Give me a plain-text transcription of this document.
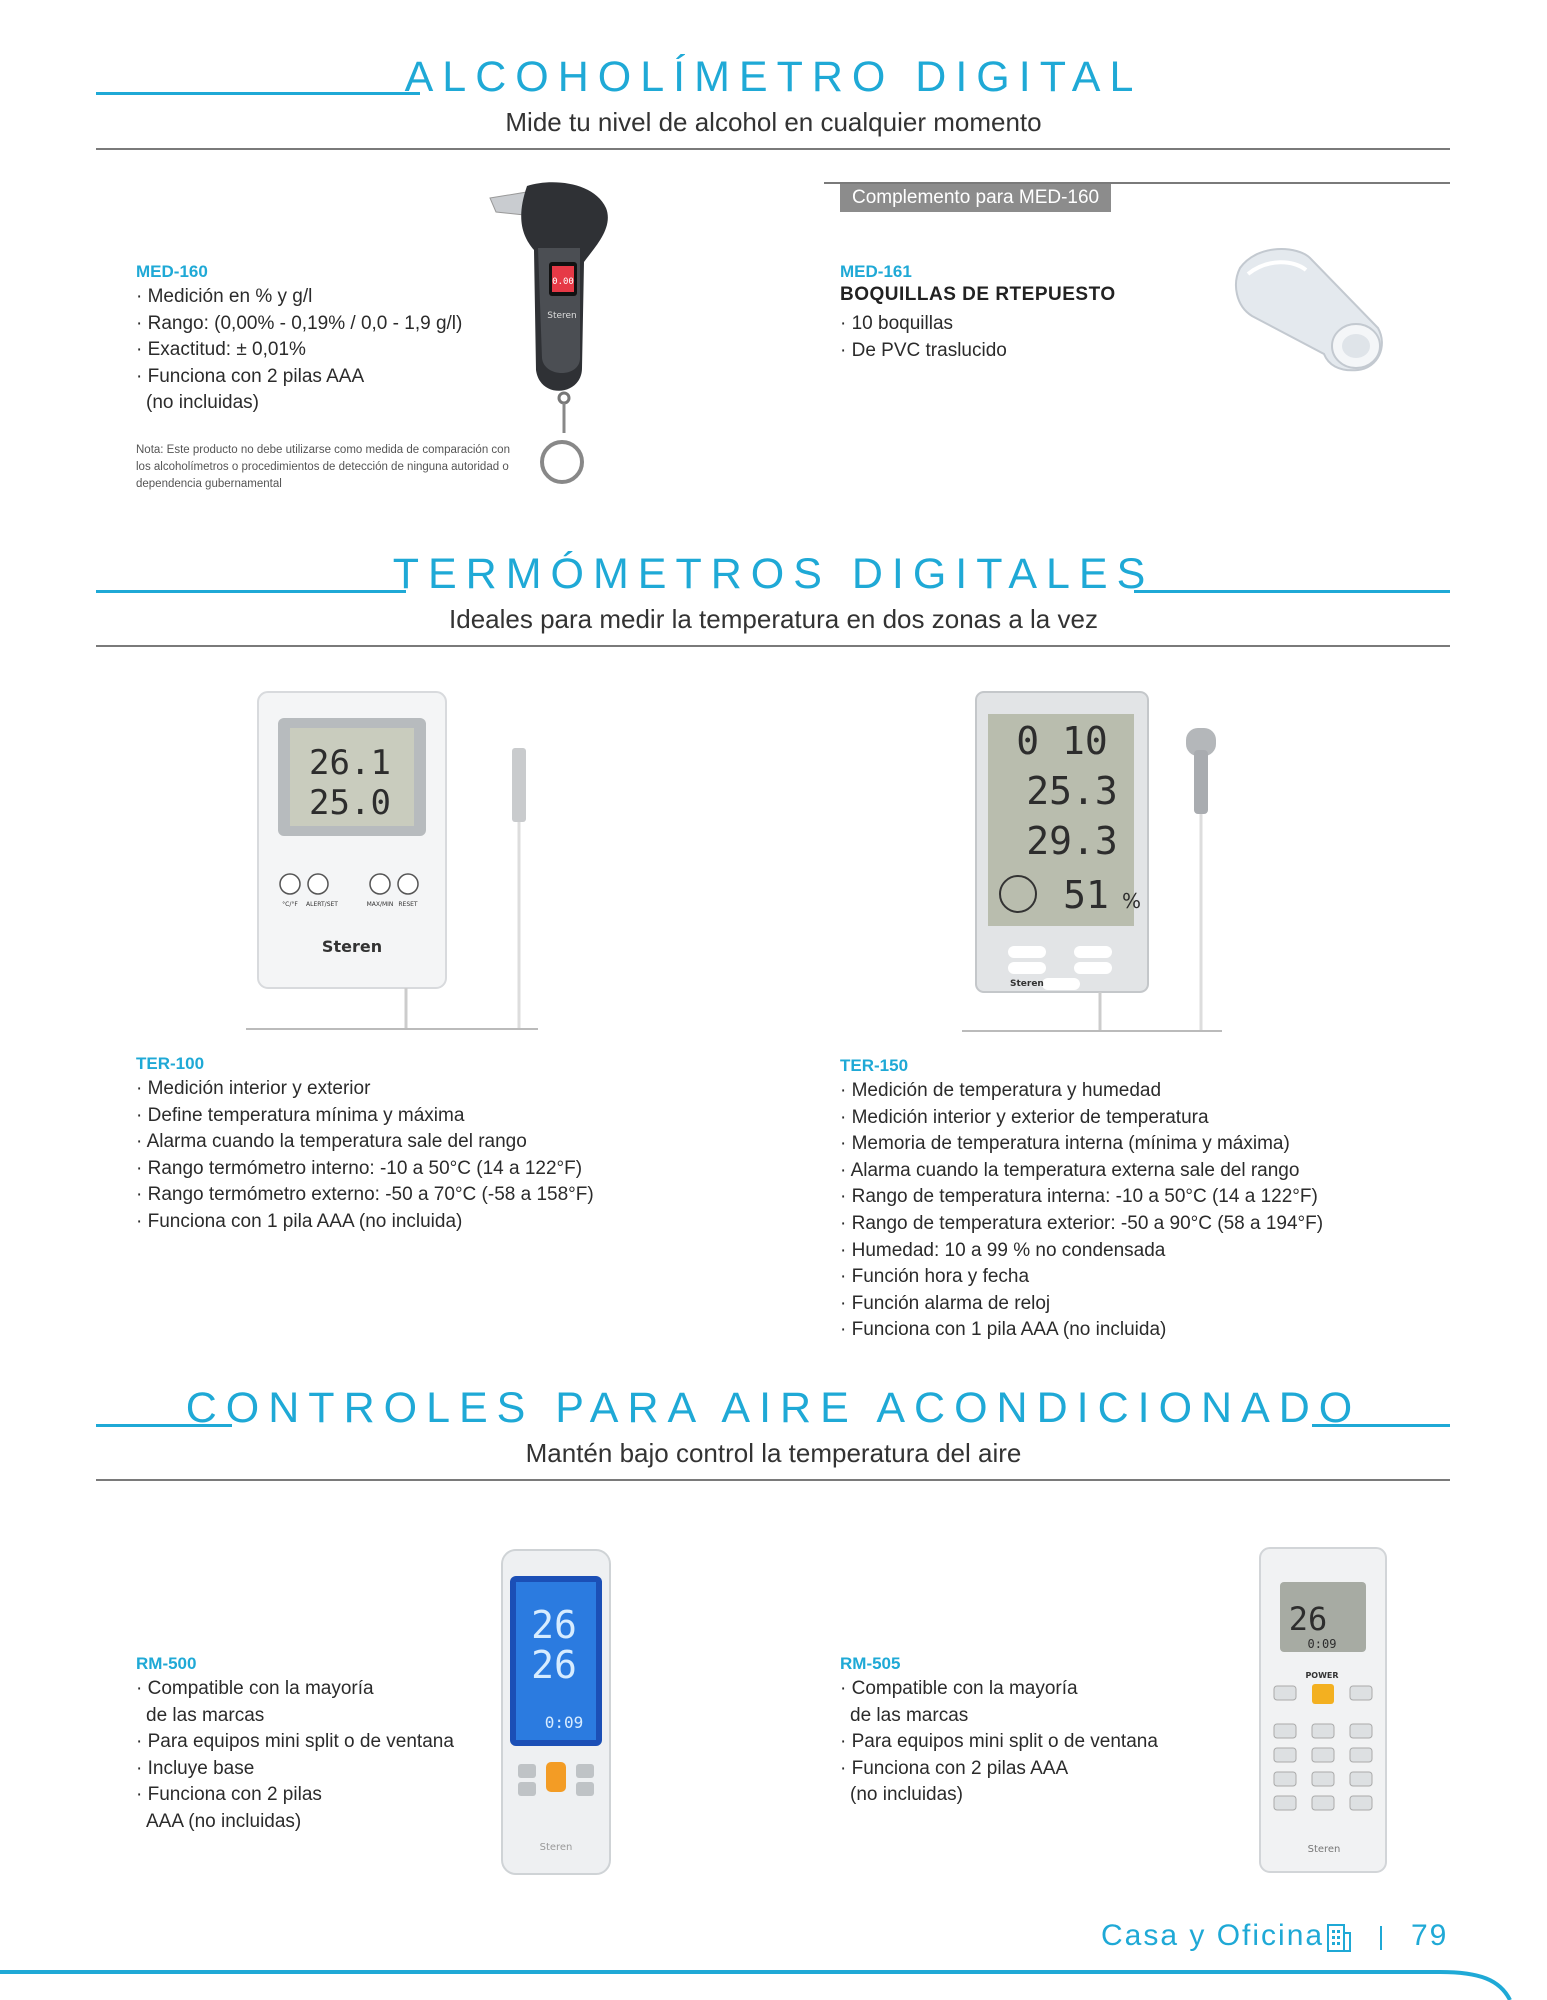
ALCOHOLÍMETRO DIGITAL
Mide tu nivel de alcohol en cualquier momento
MED-160
· Medición en % y g/l
· Rango: (0,00% - 0,19% / 0,0 - 1,9 g/l)
· Exactitud: ± 0,01%
· Funciona con 2 pilas AAA
(no incluidas)
Nota: Este producto no debe utilizarse como medida de comparación con los alcoholímetros o procedimientos de detección de ninguna autoridad o dependencia gubernamental
0.00
Steren
Complemento para MED-160
MED-161
BOQUILLAS DE RTEPUESTO
· 10 boquillas
· De PVC traslucido
TERMÓMETROS DIGITALES
Ideales para medir la temperatura en dos zonas a la vez
26.1
25.0
°C/°F ALERT/SET	MAX/MIN RESET
Steren
0 10
25.3
29.3
51 %
Steren
TER-100
· Medición interior y exterior
· Define temperatura mínima y máxima
· Alarma cuando la temperatura sale del rango
· Rango termómetro interno: -10 a 50°C (14 a 122°F)
· Rango termómetro externo: -50 a 70°C (-58 a 158°F)
· Funciona con 1 pila AAA (no incluida)
TER-150
· Medición de temperatura y humedad
· Medición interior y exterior de temperatura
· Memoria de temperatura interna (mínima y máxima)
· Alarma cuando la temperatura externa sale del rango
· Rango de temperatura interna: -10 a 50°C (14 a 122°F)
· Rango de temperatura exterior: -50 a 90°C (58 a 194°F)
· Humedad: 10 a 99 % no condensada
· Función hora y fecha
· Función alarma de reloj
· Funciona con 1 pila AAA (no incluida)
CONTROLES PARA AIRE ACONDICIONADO
Mantén bajo control la temperatura del aire
RM-500
· Compatible con la mayoría
de las marcas
· Para equipos mini split o de ventana
· Incluye base
· Funciona con 2 pilas
AAA (no incluidas)
26
26
0:09
Steren
RM-505
· Compatible con la mayoría
de las marcas
· Para equipos mini split o de ventana
· Funciona con 2 pilas AAA
(no incluidas)
26
0:09
POWER
Steren
Casa y Oficina	79
